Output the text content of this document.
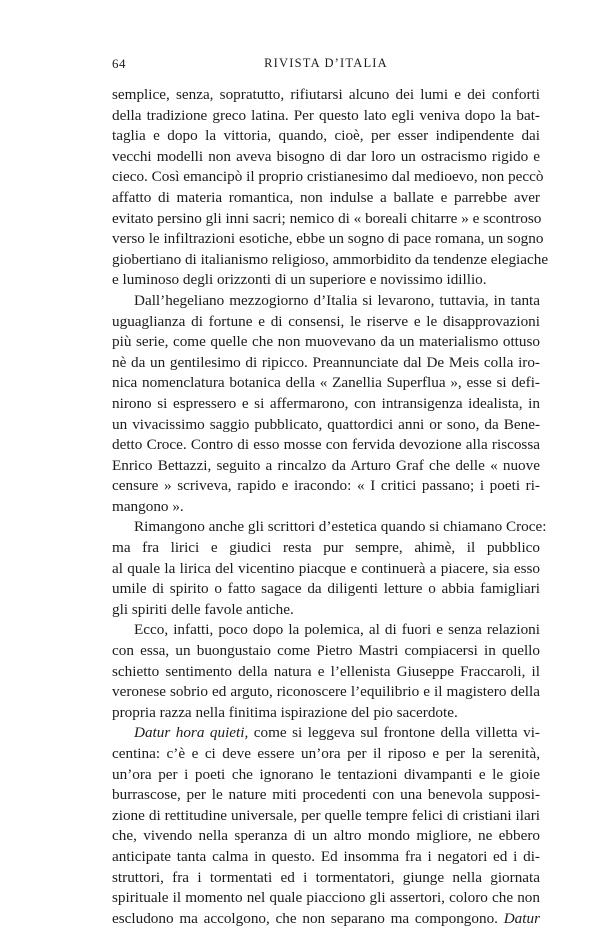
64	RIVISTA D’ITALIA
semplice, senza, sopratutto, rifiutarsi alcuno dei lumi e dei conforti
della tradizione greco latina. Per questo lato egli veniva dopo la bat-
taglia e dopo la vittoria, quando, cioè, per esser indipendente dai
vecchi modelli non aveva bisogno di dar loro un ostracismo rigido e
cieco. Così emancipò il proprio cristianesimo dal medioevo, non peccò
affatto di materia romantica, non indulse a ballate e parrebbe aver
evitato persino gli inni sacri; nemico di « boreali chitarre » e scontroso
verso le infiltrazioni esotiche, ebbe un sogno di pace romana, un sogno
giobertiano di italianismo religioso, ammorbidito da tendenze elegiache
e luminoso degli orizzonti di un superiore e novissimo idillio.
Dall’hegeliano mezzogiorno d’Italia si levarono, tuttavia, in tanta
uguaglianza di fortune e di consensi, le riserve e le disapprovazioni
più serie, come quelle che non muovevano da un materialismo ottuso
nè da un gentilesimo di ripicco. Preannunciate dal De Meis colla iro-
nica nomenclatura botanica della « Zanellia Superflua », esse si defi-
nirono si espressero e si affermarono, con intransigenza idealista, in
un vivacissimo saggio pubblicato, quattordici anni or sono, da Bene-
detto Croce. Contro di esso mosse con fervida devozione alla riscossa
Enrico Bettazzi, seguito a rincalzo da Arturo Graf che delle « nuove
censure » scriveva, rapido e iracondo: « I critici passano; i poeti ri-
mangono ».
Rimangono anche gli scrittori d’estetica quando si chiamano Croce:
ma fra lirici e giudici resta pur sempre, ahimè, il pubblico
al quale la lirica del vicentino piacque e continuerà a piacere, sia esso
umile di spirito o fatto sagace da diligenti letture o abbia famigliari
gli spiriti delle favole antiche.
Ecco, infatti, poco dopo la polemica, al di fuori e senza relazioni
con essa, un buongustaio come Pietro Mastri compiacersi in quello
schietto sentimento della natura e l’ellenista Giuseppe Fraccaroli, il
veronese sobrio ed arguto, riconoscere l’equilibrio e il magistero della
propria razza nella finitima ispirazione del pio sacerdote.
Datur hora quieti, come si leggeva sul frontone della villetta vi-
centina: c’è e ci deve essere un’ora per il riposo e per la serenità,
un’ora per i poeti che ignorano le tentazioni divampanti e le gioie
burrascose, per le nature miti procedenti con una benevola supposi-
zione di rettitudine universale, per quelle tempre felici di cristiani ilari
che, vivendo nella speranza di un altro mondo migliore, ne ebbero
anticipate tanta calma in questo. Ed insomma fra i negatori ed i di-
struttori, fra i tormentati ed i tormentatori, giunge nella giornata
spirituale il momento nel quale piacciono gli assertori, coloro che non
escludono ma accolgono, che non separano ma compongono. Datur
